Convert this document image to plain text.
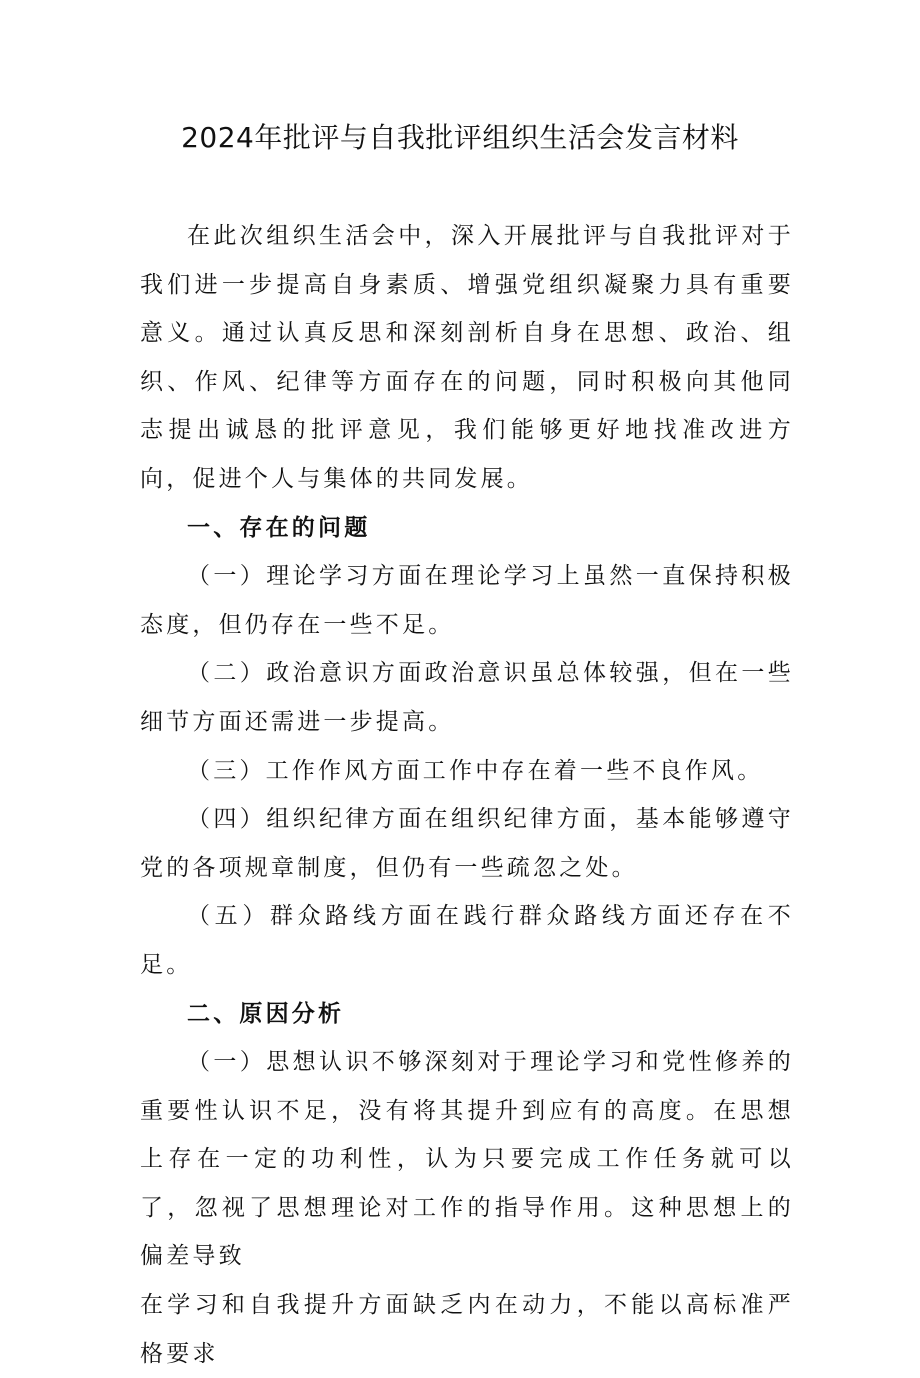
2024年批评与自我批评组织生活会发言材料

在此次组织生活会中，深入开展批评与自我批评对于我们进一步提高自身素质、增强党组织凝聚力具有重要意义。通过认真反思和深刻剖析自身在思想、政治、组织、作风、纪律等方面存在的问题，同时积极向其他同志提出诚恳的批评意见，我们能够更好地找准改进方向，促进个人与集体的共同发展。

一、存在的问题

（一）理论学习方面在理论学习上虽然一直保持积极态度，但仍存在一些不足。

（二）政治意识方面政治意识虽总体较强，但在一些细节方面还需进一步提高。

（三）工作作风方面工作中存在着一些不良作风。

（四）组织纪律方面在组织纪律方面，基本能够遵守党的各项规章制度，但仍有一些疏忽之处。

（五）群众路线方面在践行群众路线方面还存在不足。

二、原因分析

（一）思想认识不够深刻对于理论学习和党性修养的重要性认识不足，没有将其提升到应有的高度。在思想上存在一定的功利性，认为只要完成工作任务就可以了，忽视了思想理论对工作的指导作用。这种思想上的偏差导致

在学习和自我提升方面缺乏内在动力，不能以高标准严格要求
